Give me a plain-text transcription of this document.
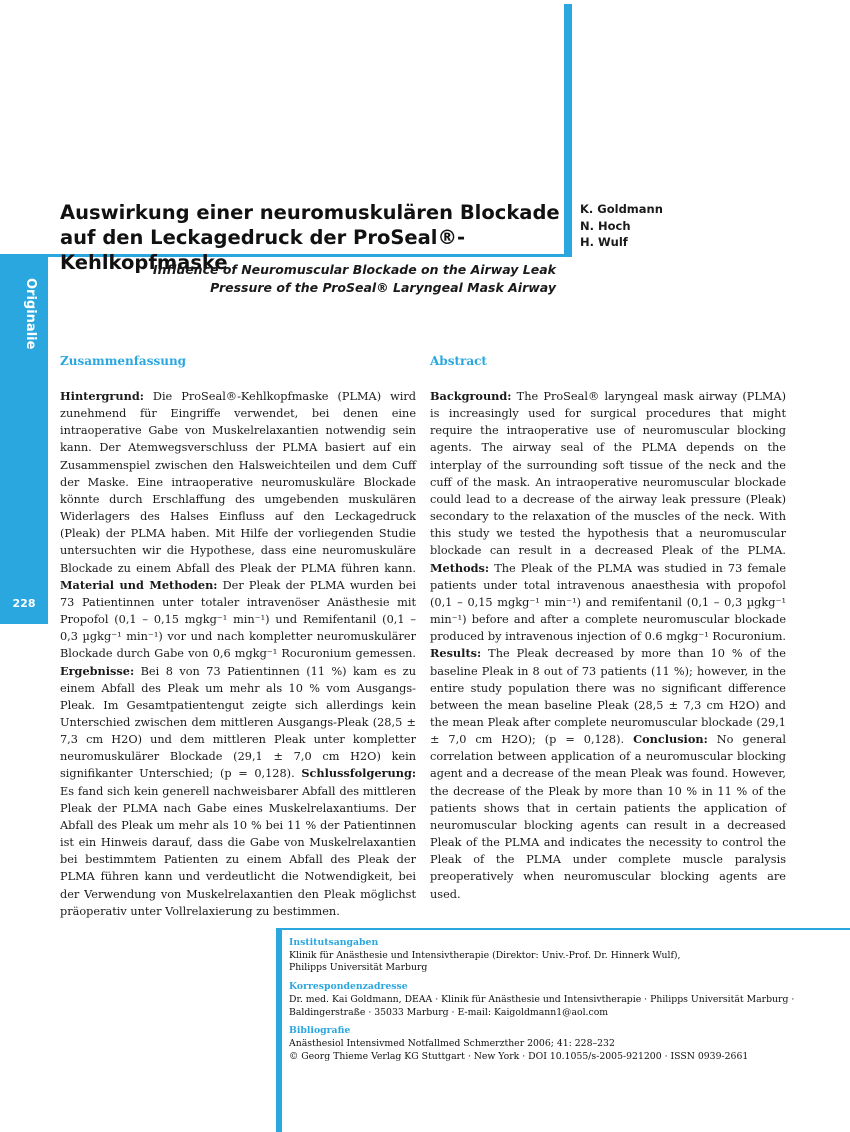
Originalie
228
Auswirkung einer neuromuskulären Blockade auf den Leckagedruck der ProSeal®-Kehlkopfmaske
K. Goldmann
N. Hoch
H. Wulf
Influence of Neuromuscular Blockade on the Airway Leak Pressure of the ProSeal® Laryngeal Mask Airway
Zusammenfassung	Abstract

Hintergrund: Die ProSeal®-Kehlkopfmaske (PLMA) wird zunehmend für Eingriffe verwendet, bei denen eine intraoperative Gabe von Muskelrelaxantien notwendig sein kann. Der Atemwegsverschluss der PLMA basiert auf ein Zusammenspiel zwischen den Halsweichteilen und dem Cuff der Maske. Eine intraoperative neuromuskuläre Blockade könnte durch Erschlaffung des umgebenden muskulären Widerlagers des Halses Einfluss auf den Leckagedruck (Pleak) der PLMA haben. Mit Hilfe der vorliegenden Studie untersuchten wir die Hypothese, dass eine neuromuskuläre Blockade zu einem Abfall des Pleak der PLMA führen kann. Material und Methoden: Der Pleak der PLMA wurden bei 73 Patientinnen unter totaler intravenöser Anästhesie mit Propofol (0,1 – 0,15 mgkg⁻¹ min⁻¹) und Remifentanil (0,1 – 0,3 µgkg⁻¹ min⁻¹) vor und nach kompletter neuromuskulärer Blockade durch Gabe von 0,6 mgkg⁻¹ Rocuronium gemessen. Ergebnisse: Bei 8 von 73 Patientinnen (11 %) kam es zu einem Abfall des Pleak um mehr als 10 % vom Ausgangs-Pleak. Im Gesamtpatientengut zeigte sich allerdings kein Unterschied zwischen dem mittleren Ausgangs-Pleak (28,5 ± 7,3 cm H2O) und dem mittleren Pleak unter kompletter neuromuskulärer Blockade (29,1 ± 7,0 cm H2O) kein signifikanter Unterschied; (p = 0,128). Schlussfolgerung: Es fand sich kein generell nachweisbarer Abfall des mittleren Pleak der PLMA nach Gabe eines Muskelrelaxantiums. Der Abfall des Pleak um mehr als 10 % bei 11 % der Patientinnen ist ein Hinweis darauf, dass die Gabe von Muskelrelaxantien bei bestimmtem Patienten zu einem Abfall des Pleak der PLMA führen kann und verdeutlicht die Notwendigkeit, bei der Verwendung von Muskelrelaxantien den Pleak möglichst präoperativ unter Vollrelaxierung zu bestimmen.

Background: The ProSeal® laryngeal mask airway (PLMA) is increasingly used for surgical procedures that might require the intraoperative use of neuromuscular blocking agents. The airway seal of the PLMA depends on the interplay of the surrounding soft tissue of the neck and the cuff of the mask. An intraoperative neuromuscular blockade could lead to a decrease of the airway leak pressure (Pleak) secondary to the relaxation of the muscles of the neck. With this study we tested the hypothesis that a neuromuscular blockade can result in a decreased Pleak of the PLMA. Methods: The Pleak of the PLMA was studied in 73 female patients under total intravenous anaesthesia with propofol (0,1 – 0,15 mgkg⁻¹ min⁻¹) and remifentanil (0,1 – 0,3 µgkg⁻¹ min⁻¹) before and after a complete neuromuscular blockade produced by intravenous injection of 0.6 mgkg⁻¹ Rocuronium. Results: The Pleak decreased by more than 10 % of the baseline Pleak in 8 out of 73 patients (11 %); however, in the entire study population there was no significant difference between the mean baseline Pleak (28,5 ± 7,3 cm H2O) and the mean Pleak after complete neuromuscular blockade (29,1 ± 7,0 cm H2O); (p = 0,128). Conclusion: No general correlation between application of a neuromuscular blocking agent and a decrease of the mean Pleak was found. However, the decrease of the Pleak by more than 10 % in 11 % of the patients shows that in certain patients the application of neuromuscular blocking agents can result in a decreased Pleak of the PLMA and indicates the necessity to control the Pleak of the PLMA under complete muscle paralysis preoperatively when neuromuscular blocking agents are used.

Institutsangaben
Klinik für Anästhesie und Intensivtherapie (Direktor: Univ.-Prof. Dr. Hinnerk Wulf),
Philipps Universität Marburg
Korrespondenzadresse
Dr. med. Kai Goldmann, DEAA · Klinik für Anästhesie und Intensivtherapie · Philipps Universität Marburg ·
Baldingerstraße · 35033 Marburg · E-mail: Kaigoldmann1@aol.com
Bibliografie
Anästhesiol Intensivmed Notfallmed Schmerzther 2006; 41: 228–232
© Georg Thieme Verlag KG Stuttgart · New York · DOI 10.1055/s-2005-921200 · ISSN 0939-2661
